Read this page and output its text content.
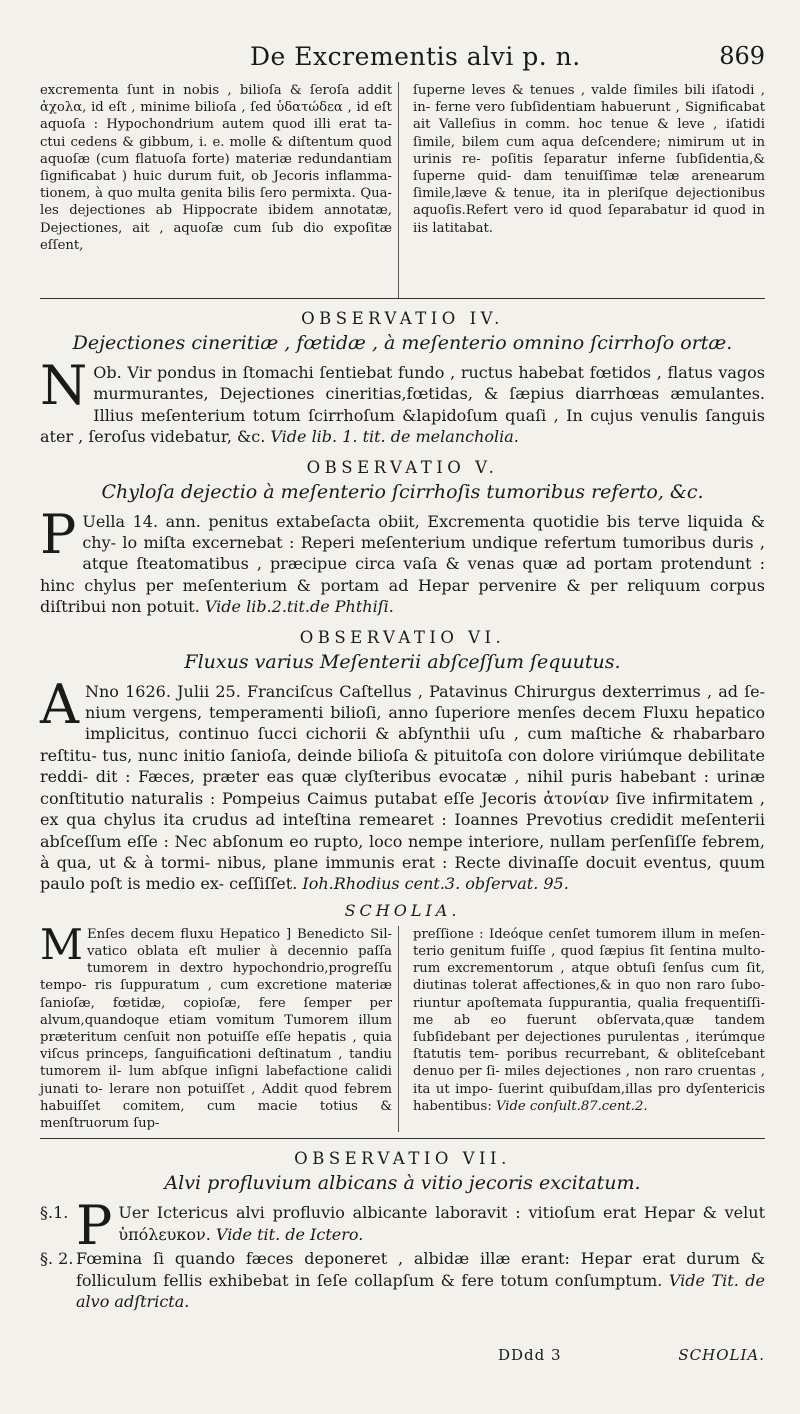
De Excrementis alvi p. n.	869
excrementa ſunt in nobis , bilioſa & ſeroſa addit ἀχολα, id eſt , minime bilioſa , ſed ὑδατώδεα , id eſt aquoſa : Hypochondrium autem quod illi erat ta- ctui cedens & gibbum, i. e. molle & diſtentum quod aquoſæ (cum flatuoſa forte) materiæ redundantiam ſignificabat ) huic durum fuit, ob Jecoris inflamma- tionem, à quo multa genita bilis ſero permixta. Qua- les dejectiones ab Hippocrate ibidem annotatæ, Dejectiones, ait , aquoſæ cum ſub dio expoſitæ eſſent,
ſuperne leves & tenues , valde ſimiles bili iſatodi , in- ferne vero ſubſidentiam habuerunt , Significabat ait Valleſius in comm. hoc tenue & leve , iſatidi ſimile, bilem cum aqua deſcendere; nimirum ut in urinis re- poſitis ſeparatur inferne ſubſidentia,& ſuperne quid- dam tenuiſſimæ telæ arenearum ſimile,læve & tenue, ita in pleriſque dejectionibus aquoſis.Refert vero id quod ſeparabatur id quod in iis latitabat.
OBSERVATIO IV.
Dejectiones cineritiæ , fœtidæ , à meſenterio omnino ſcirrhoſo ortæ.
N Ob. Vir pondus in ſtomachi ſentiebat fundo , ructus habebat fœtidos , flatus vagos murmurantes, Dejectiones cineritias,fœtidas, & ſæpius diarrhœas æmulantes. Illius meſenterium totum ſcirrhoſum &lapidoſum quaſi , In cujus venulis ſanguis ater , ſeroſus videbatur, &c. Vide lib. 1. tit. de melancholia.
OBSERVATIO V.
Chyloſa dejectio à meſenterio ſcirrhoſis tumoribus referto, &c.
P Uella 14. ann. penitus extabeſacta obiit, Excrementa quotidie bis terve liquida & chy- lo miſta excernebat : Reperi meſenterium undique refertum tumoribus duris , atque ſteatomatibus , præcipue circa vaſa & venas quæ ad portam protendunt : hinc chylus per meſenterium & portam ad Hepar pervenire & per reliquum corpus diſtribui non potuit. Vide lib.2.tit.de Phthiſi.
OBSERVATIO VI.
Fluxus varius Meſenterii abſceſſum ſequutus.
A Nno 1626. Julii 25. Franciſcus Caſtellus , Patavinus Chirurgus dexterrimus , ad ſe- nium vergens, temperamenti bilioſi, anno ſuperiore menſes decem Fluxu hepatico implicitus, continuo ſucci cichorii & abſynthii uſu , cum maſtiche & rhabarbaro reſtitu- tus, nunc initio ſanioſa, deinde bilioſa & pituitoſa con dolore viriúmque debilitate reddi- dit : Fæces, præter eas quæ clyſteribus evocatæ , nihil puris habebant : urinæ conſtitutio naturalis : Pompeius Caimus putabat eſſe Jecoris ἀτονίαν ſive infirmitatem , ex qua chylus ita crudus ad inteſtina remearet : Ioannes Prevotius credidit meſenterii abſceſſum eſſe : Nec abſonum eo rupto, loco nempe interiore, nullam perſenſiſſe febrem, à qua, ut & à tormi- nibus, plane immunis erat : Recte divinaſſe docuit eventus, quum paulo poſt is medio ex- ceſſiſſet. Ioh.Rhodius cent.3. obſervat. 95.
SCHOLIA.
M Enſes decem fluxu Hepatico ] Benedicto Sil- vatico oblata eſt mulier à decennio paſſa tumorem in dextro hypochondrio,progreſſu tempo- ris ſuppuratum , cum excretione materiæ ſanioſæ, fœtidæ, copioſæ, fere ſemper per alvum,quandoque etiam vomitum Tumorem illum præteritum cenſuit non potuiſſe eſſe hepatis , quia viſcus princeps, ſanguificationi deſtinatum , tandiu tumorem il- lum abſque inſigni labefactione calidi junati to- lerare non potuiſſet , Addit quod febrem habuiſſet comitem, cum macie totius & menſtruorum ſup-
preſſione : Ideóque cenſet tumorem illum in meſen- terio genitum fuiſſe , quod ſæpius ſit ſentina multo- rum excrementorum , atque obtuſi ſenſus cum ſit, diutinas tolerat affectiones,& in quo non raro ſubo- riuntur apoſtemata ſuppurantia, qualia frequentiſſi- me ab eo fuerunt obſervata,quæ tandem ſubſidebant per dejectiones purulentas , iterúmque ſtatutis tem- poribus recurrebant, & obliteſcebant denuo per ſi- miles dejectiones , non raro cruentas , ita ut impo- ſuerint quibuſdam,illas pro dyſentericis habentibus: Vide conſult.87.cent.2.
OBSERVATIO VII.
Alvi profluvium albicans à vitio jecoris excitatum.
§.1. P Uer Ictericus alvi profluvio albicante laboravit : vitioſum erat Hepar & velut ὑπόλευκον. Vide tit. de Ictero.
§. 2. Fœmina ſi quando fæces deponeret , albidæ illæ erant: Hepar erat durum & folliculum fellis exhibebat in ſeſe collapſum & fere totum conſumptum. Vide Tit. de alvo adſtricta.
DDdd 3	SCHOLIA.
